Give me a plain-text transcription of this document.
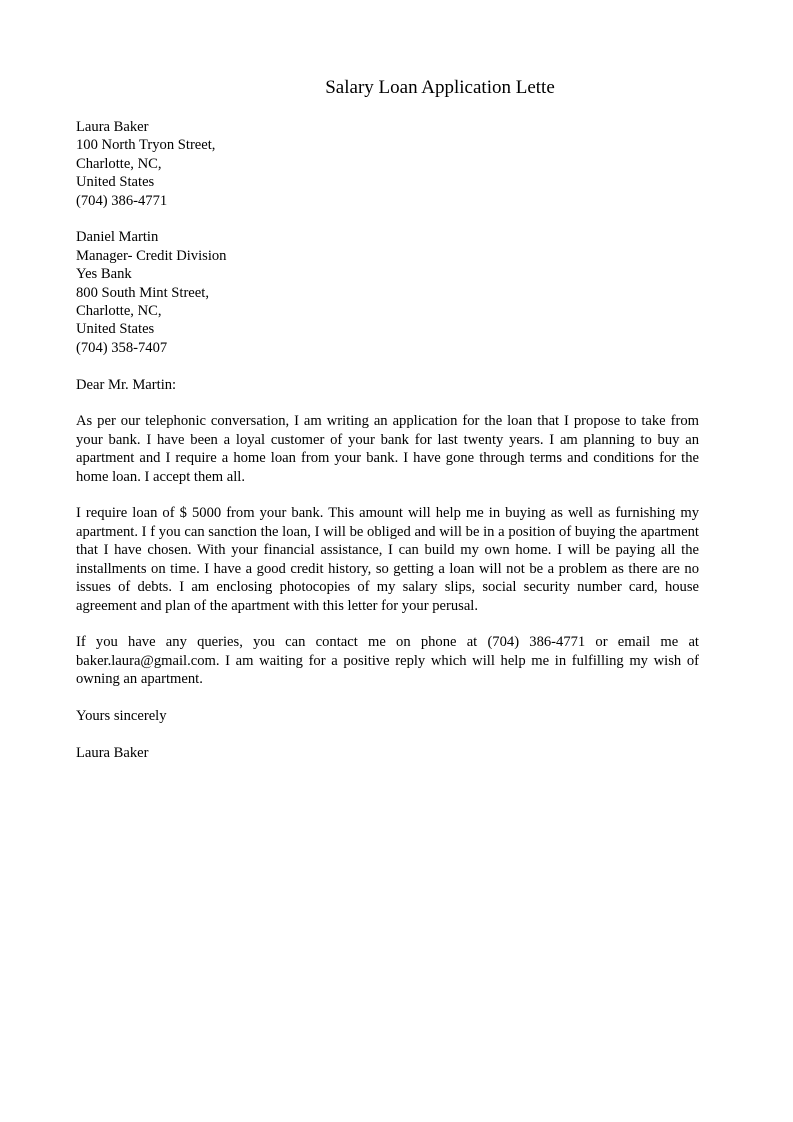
Salary Loan Application Lette
Laura Baker
100 North Tryon Street,
Charlotte, NC,
United States
(704) 386-4771
Daniel Martin
Manager- Credit Division
Yes Bank
800 South Mint Street,
Charlotte, NC,
United States
(704) 358-7407

Dear Mr. Martin:

As per our telephonic conversation, I am writing an application for the loan that I propose to take from your bank. I have been a loyal customer of your bank for last twenty years. I am planning to buy an apartment and I require a home loan from your bank. I have gone through terms and conditions for the home loan. I accept them all.

I require loan of $ 5000 from your bank. This amount will help me in buying as well as furnishing my apartment. I f you can sanction the loan, I will be obliged and will be in a position of buying the apartment that I have chosen. With your financial assistance, I can build my own home. I will be paying all the installments on time. I have a good credit history, so getting a loan will not be a problem as there are no issues of debts. I am enclosing photocopies of my salary slips, social security number card, house agreement and plan of the apartment with this letter for your perusal.

If you have any queries, you can contact me on phone at (704) 386-4771 or email me at baker.laura@gmail.com. I am waiting for a positive reply which will help me in fulfilling my wish of owning an apartment.

Yours sincerely

Laura Baker
